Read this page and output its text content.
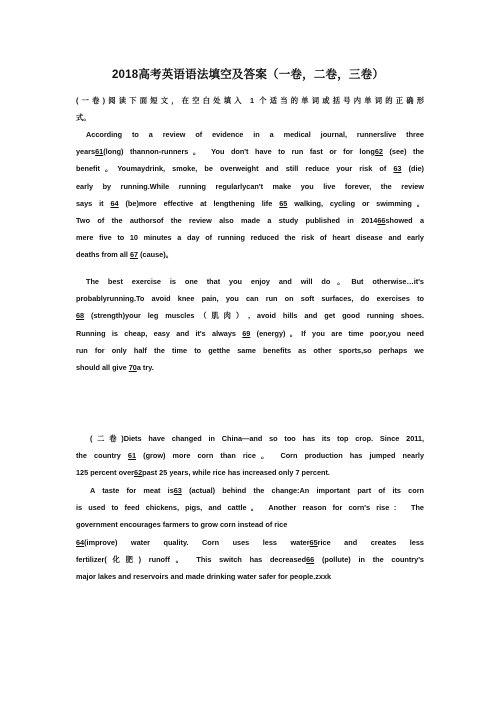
2018高考英语语法填空及答案（一卷，二卷，三卷）
(一卷)阅读下面短文，在空白处填入 1 个适当的单词或括号内单词的正确形
式。
According to a review of evidence in a medical journal, runnerslive three
years61(long) thannon-runners。 You don't have to run fast or for long62 (see) the
benefit。Youmaydrink, smoke, be overweight and still reduce your risk of 63 (die)
early by running.While running regularlycan't make you live forever, the review
says it 64 (be)more effective at lengthening life 65 walking, cycling or swimming。
Two of the authorsof the review also made a study published in 201466showed a
mere five to 10 minutes a day of running reduced the risk of heart disease and early
deaths from all 67 (cause)。
The best exercise is one that you enjoy and will do。But otherwise…it's
probablyrunning.To avoid knee pain, you can run on soft surfaces, do exercises to
68 (strength)your leg muscles（肌肉）, avoid hills and get good running shoes.
Running is cheap, easy and it's always 69 (energy)。If you are time poor,you need
run for only half the time to getthe same benefits as other sports,so perhaps we
should all give 70a try.
(二卷)Diets have changed in China—and so too has its top crop. Since 2011,
the country 61 (grow) more corn than rice。 Corn production has jumped nearly
125 percent over62past 25 years, while rice has increased only 7 percent.
A taste for meat is63 (actual) behind the change:An important part of its corn
is used to feed chickens, pigs, and cattle。 Another reason for corn's rise： The
government encourages farmers to grow corn instead of rice
64(improve) water quality. Corn uses less water65rice and creates less
fertilizer(化肥) runoff。 This switch has decreased66 (pollute) in the country's
major lakes and reservoirs and made drinking water safer for people.zxxk
